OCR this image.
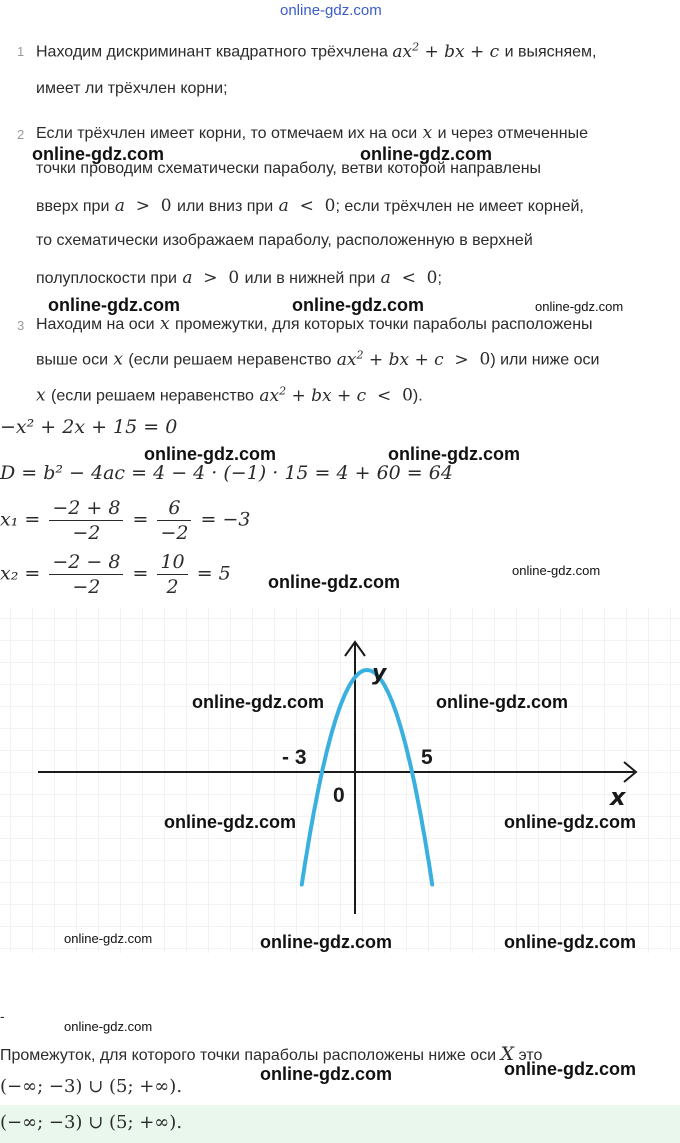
online-gdz.com
1 Находим дискриминант квадратного трёхчлена $ax^2$ + bx + c и выясняем,
имеет ли трёхчлен корни;
2 Если трёхчлен имеет корни, то отмечаем их на оси x и через отмеченные
точки проводим схематически параболу, ветви которой направлены
вверх при a  >  0 или вниз при a  <  0; если трёхчлен не имеет корней,
то схематически изображаем параболу, расположенную в верхней
полуплоскости при a  >  0 или в нижней при a  <  0;
3 Находим на оси x промежутки, для которых точки параболы расположены
выше оси x (если решаем неравенство $ax^2$ + bx + c  >  0) или ниже оси
x (если решаем неравенство $ax^2$ + bx + c  <  0).
−x² + 2x + 15 = 0
D = b² − 4ac = 4 − 4 · (−1) · 15 = 4 + 60 = 64
$x_1 = \frac{-2 + 8}{-2} = \frac{6}{-2} = -3$
$x_2 = \frac{-2 - 8}{-2} = \frac{10}{2} = 5$
x
y
0
- 3	5
-
Промежуток, для которого точки параболы расположены ниже оси X это
(−∞; −3) ∪ (5; +∞).
(−∞; −3) ∪ (5; +∞).
online-gdz.com	online-gdz.com
online-gdz.com	online-gdz.com	online-gdz.com
online-gdz.com	online-gdz.com
online-gdz.com
online-gdz.com
online-gdz.com	online-gdz.com
online-gdz.com	online-gdz.com
online-gdz.com	online-gdz.com	online-gdz.com
online-gdz.com
online-gdz.com	online-gdz.com
